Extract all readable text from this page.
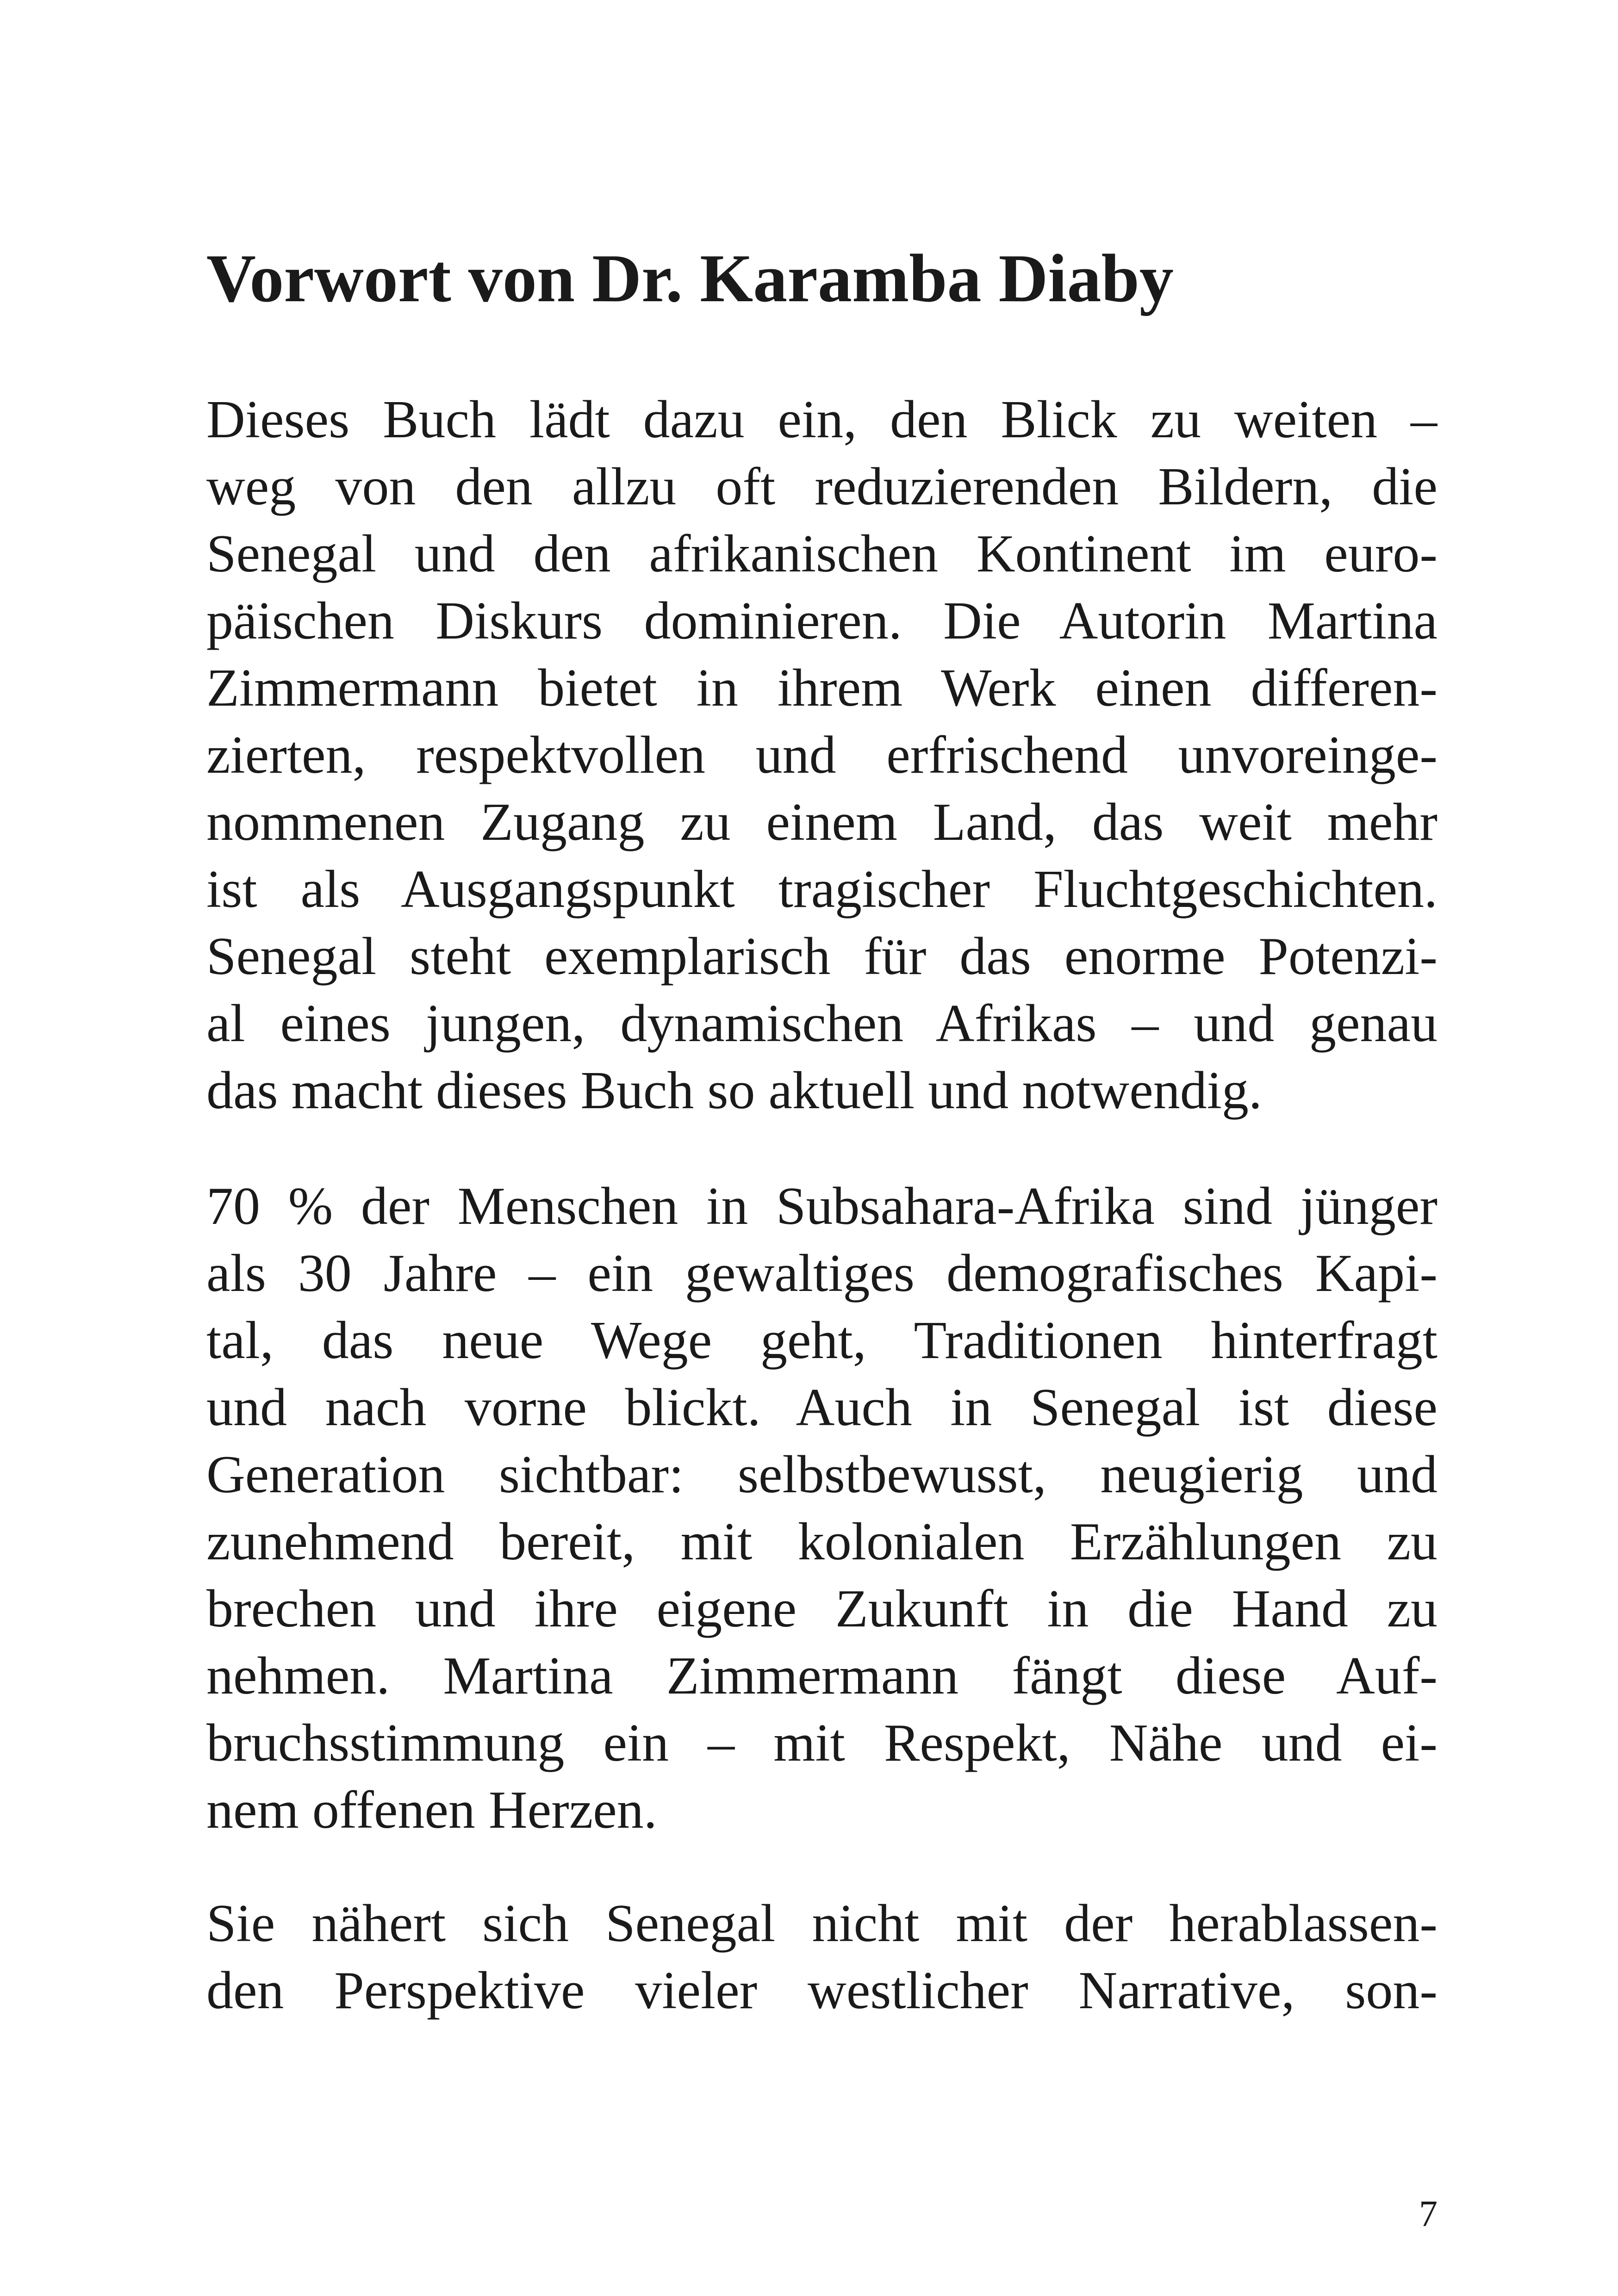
Vorwort von Dr. Karamba Diaby
Dieses Buch lädt dazu ein, den Blick zu weiten –
weg von den allzu oft reduzierenden Bildern, die
Senegal und den afrikanischen Kontinent im euro-
päischen Diskurs dominieren. Die Autorin Martina
Zimmermann bietet in ihrem Werk einen differen-
zierten, respektvollen und erfrischend unvoreinge-
nommenen Zugang zu einem Land, das weit mehr
ist als Ausgangspunkt tragischer Fluchtgeschichten.
Senegal steht exemplarisch für das enorme Potenzi-
al eines jungen, dynamischen Afrikas – und genau
das macht dieses Buch so aktuell und notwendig.
70 % der Menschen in Subsahara-Afrika sind jünger
als 30 Jahre – ein gewaltiges demografisches Kapi-
tal, das neue Wege geht, Traditionen hinterfragt
und nach vorne blickt. Auch in Senegal ist diese
Generation sichtbar: selbstbewusst, neugierig und
zunehmend bereit, mit kolonialen Erzählungen zu
brechen und ihre eigene Zukunft in die Hand zu
nehmen. Martina Zimmermann fängt diese Auf-
bruchsstimmung ein – mit Respekt, Nähe und ei-
nem offenen Herzen.
Sie nähert sich Senegal nicht mit der herablassen-
den Perspektive vieler westlicher Narrative, son-
7
